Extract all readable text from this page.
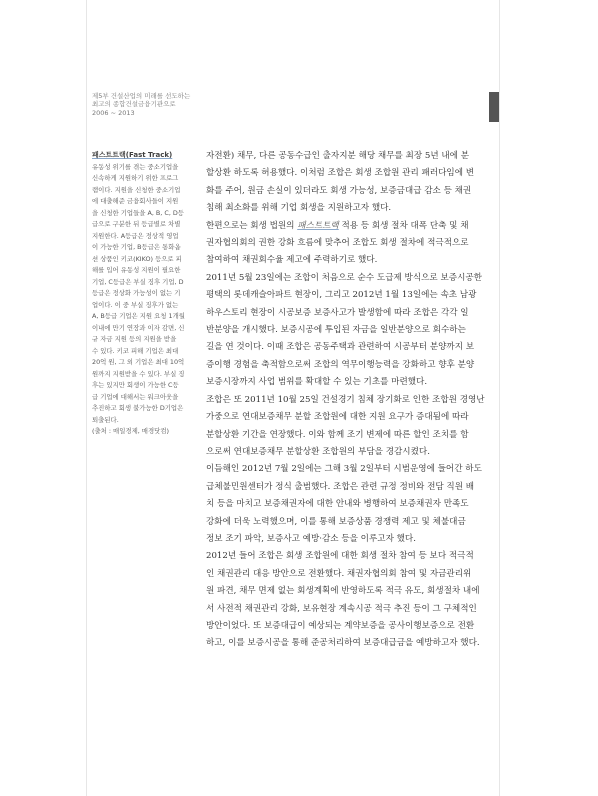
제5부 건설산업의 미래를 선도하는
최고의 종합건설금융기관으로
2006 ~ 2013
패스트트랙(Fast Track)
유동성 위기를 겪는 중소기업을
신속하게 지원하기 위한 프로그
램이다. 지원을 신청한 중소기업
에 대출해준 금융회사들이 지원
을 신청한 기업들을 A, B, C, D등
급으로 구분한 뒤 등급별로 차별
지원한다. A등급은 정상적 영업
이 가능한 기업, B등급은 통화옵
션 상품인 키코(KIKO) 등으로 피
해를 입어 유동성 지원이 필요한
기업, C등급은 부실 징후 기업, D
등급은 정상화 가능성이 없는 기
업이다. 이 중 부실 징후가 없는
A, B등급 기업은 지원 요청 1개월
이내에 만기 연장과 이자 감면, 신
규 자금 지원 등의 지원을 받을
수 있다. 키코 피해 기업은 최대
20억 원, 그 외 기업은 최대 10억
원까지 지원받을 수 있다. 부실 징
후는 있지만 회생이 가능한 C등
급 기업에 대해서는 워크아웃을
추진하고 회생 불가능한 D기업은
퇴출된다.
(출처 : 매일경제, 매경닷컴)
자전환) 채무, 다른 공동수급인 출자지분 해당 채무를 최장 5년 내에 분
할상환 하도록 허용했다. 이처럼 조합은 회생 조합원 관리 패러다임에 변
화를 주어, 원금 손실이 있더라도 회생 가능성, 보증금대급 감소 등 채권
침해 최소화를 위해 기업 회생을 지원하고자 했다.
한편으로는 회생 법원의 패스트트랙 적용 등 회생 절차 대폭 단축 및 채
권자협의회의 권한 강화 흐름에 맞추어 조합도 회생 절차에 적극적으로
참여하여 채권회수율 제고에 주력하기로 했다.
2011년 5월 23일에는 조합이 처음으로 순수 도급제 방식으로 보증시공한
평택의 롯데캐슬아파트 현장이, 그리고 2012년 1월 13일에는 속초 남광
하우스토리 현장이 시공보증 보증사고가 발생함에 따라 조합은 각각 일
반분양을 개시했다. 보증시공에 투입된 자금을 일반분양으로 회수하는
길을 연 것이다. 이때 조합은 공동주택과 관련하여 시공부터 분양까지 보
증이행 경험을 축적함으로써 조합의 역무이행능력을 강화하고 향후 분양
보증시장까지 사업 범위를 확대할 수 있는 기초를 마련했다.
조합은 또 2011년 10월 25일 건설경기 침체 장기화로 인한 조합원 경영난
가중으로 연대보증채무 분할 조합원에 대한 지원 요구가 증대됨에 따라
분할상환 기간을 연장했다. 이와 함께 조기 변제에 따른 할인 조치를 함
으로써 연대보증채무 분할상환 조합원의 부담을 경감시켰다.
이듬해인 2012년 7월 2일에는 그해 3월 2일부터 시범운영에 들어간 하도
급체불민원센터가 정식 출범했다. 조합은 관련 규정 정비와 전담 직원 배
치 등을 마치고 보증채권자에 대한 안내와 병행하여 보증채권자 만족도
강화에 더욱 노력했으며, 이를 통해 보증상품 경쟁력 제고 및 체불대금
정보 조기 파악, 보증사고 예방·감소 등을 이루고자 했다.
2012년 들어 조합은 회생 조합원에 대한 회생 절차 참여 등 보다 적극적
인 채권관리 대응 방안으로 전환했다. 채권자협의회 참여 및 자금관리위
원 파견, 채무 면제 없는 회생계획에 반영하도록 적극 유도, 회생절차 내에
서 사전적 채권관리 강화, 보유현장 계속시공 적극 추진 등이 그 구체적인
방안이었다. 또 보증대급이 예상되는 계약보증을 공사이행보증으로 전환
하고, 이를 보증시공을 통해 준공처리하여 보증대급금을 예방하고자 했다.
